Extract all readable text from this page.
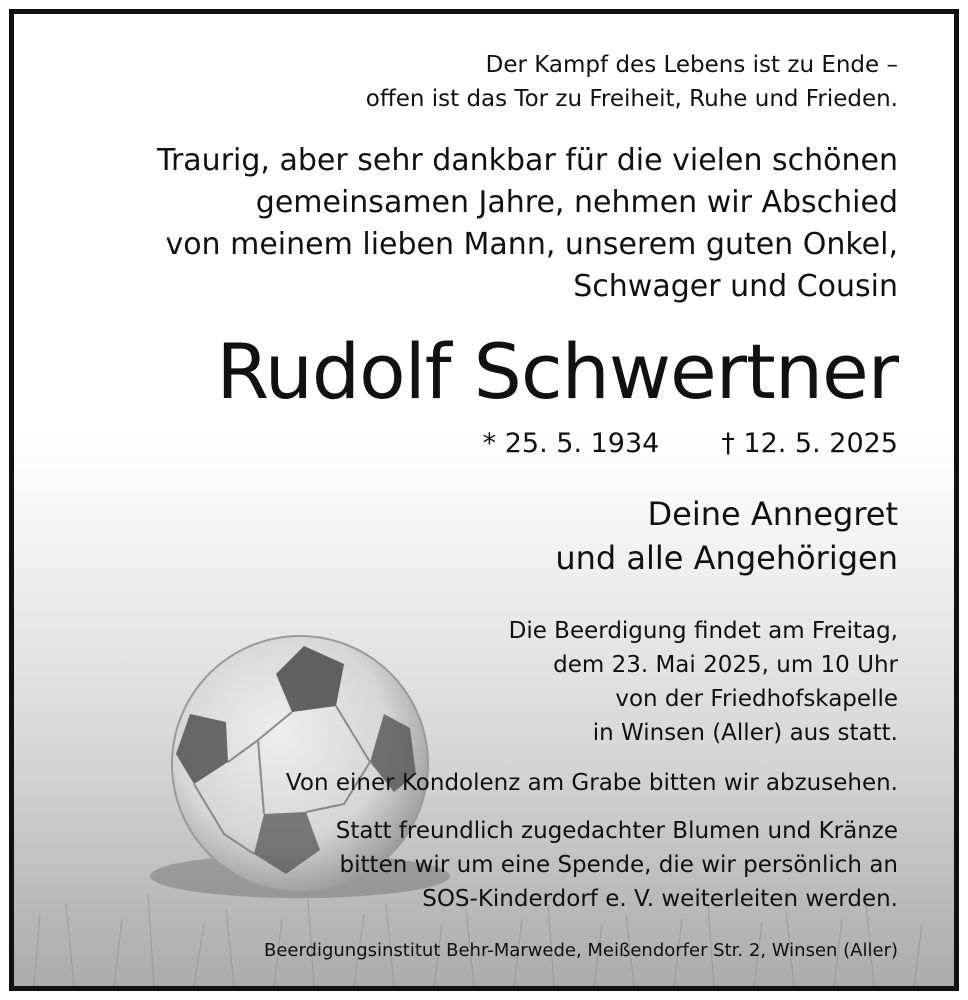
Der Kampf des Lebens ist zu Ende –
offen ist das Tor zu Freiheit, Ruhe und Frieden.
Traurig, aber sehr dankbar für die vielen schönen
gemeinsamen Jahre, nehmen wir Abschied
von meinem lieben Mann, unserem guten Onkel,
Schwager und Cousin
Rudolf Schwertner
* 25. 5. 1934 † 12. 5. 2025
Deine Annegret
und alle Angehörigen
Die Beerdigung findet am Freitag,
dem 23. Mai 2025, um 10 Uhr
von der Friedhofskapelle
in Winsen (Aller) aus statt.
Von einer Kondolenz am Grabe bitten wir abzusehen.
Statt freundlich zugedachter Blumen und Kränze
bitten wir um eine Spende, die wir persönlich an
SOS-Kinderdorf e. V. weiterleiten werden.
Beerdigungsinstitut Behr-Marwede, Meißendorfer Str. 2, Winsen (Aller)
